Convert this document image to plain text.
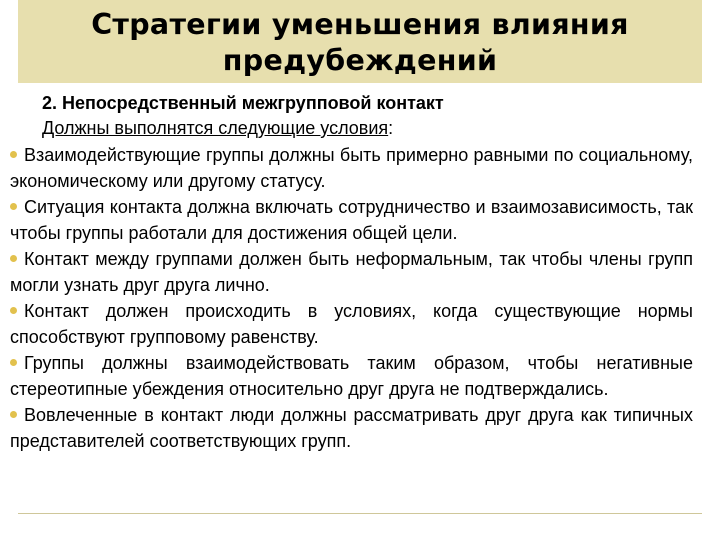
Стратегии уменьшения влияния
предубеждений
2. Непосредственный межгрупповой контакт
Должны выполнятся следующие условия:
Взаимодействующие группы должны быть примерно равными по социальному, экономическому или другому статусу.
Ситуация контакта должна включать сотрудничество и взаимозависимость, так чтобы группы работали для достижения общей цели.
Контакт между группами должен быть неформальным, так чтобы члены групп могли узнать друг друга лично.
Контакт должен происходить в условиях, когда существующие нормы способствуют групповому равенству.
Группы должны взаимодействовать таким образом, чтобы негативные стереотипные убеждения относительно друг друга не подтверждались.
Вовлеченные в контакт люди должны рассматривать друг друга как типичных представителей соответствующих групп.
